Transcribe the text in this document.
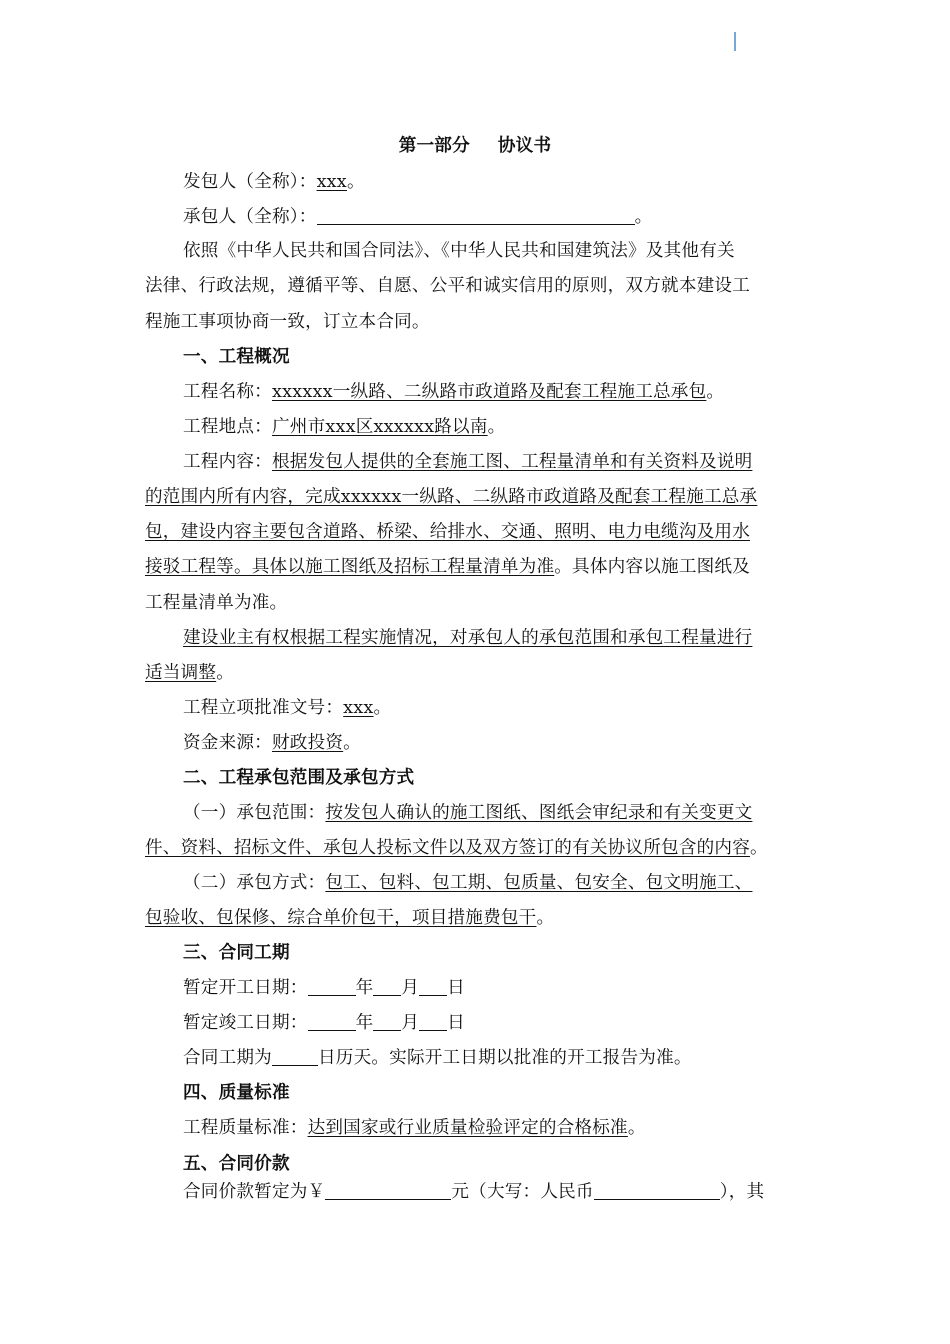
第一部分 协议书
发包人（全称）：xxx。
承包人（全称）：	。
依照《中华人民共和国合同法》、《中华人民共和国建筑法》及其他有关
法律、行政法规，遵循平等、自愿、公平和诚实信用的原则，双方就本建设工
程施工事项协商一致，订立本合同。
一、工程概况
工程名称：xxxxxx一纵路、二纵路市政道路及配套工程施工总承包。
工程地点：广州市xxx区xxxxxx路以南。
工程内容：根据发包人提供的全套施工图、工程量清单和有关资料及说明
的范围内所有内容，完成xxxxxx一纵路、二纵路市政道路及配套工程施工总承
包，建设内容主要包含道路、桥梁、给排水、交通、照明、电力电缆沟及用水
接驳工程等。具体以施工图纸及招标工程量清单为准。具体内容以施工图纸及
工程量清单为准。
建设业主有权根据工程实施情况，对承包人的承包范围和承包工程量进行
适当调整。
工程立项批准文号：xxx。
资金来源：财政投资。
二、工程承包范围及承包方式
（一）承包范围：按发包人确认的施工图纸、图纸会审纪录和有关变更文
件、资料、招标文件、承包人投标文件以及双方签订的有关协议所包含的内容。
（二）承包方式：包工、包料、包工期、包质量、包安全、包文明施工、
包验收、包保修、综合单价包干，项目措施费包干。
三、合同工期
暂定开工日期：	年 月 日
暂定竣工日期：	年 月 日
合同工期为	日历天。实际开工日期以批准的开工报告为准。
四、质量标准
工程质量标准：达到国家或行业质量检验评定的合格标准。
五、合同价款
合同价款暂定为￥	元（大写：人民币	），其
